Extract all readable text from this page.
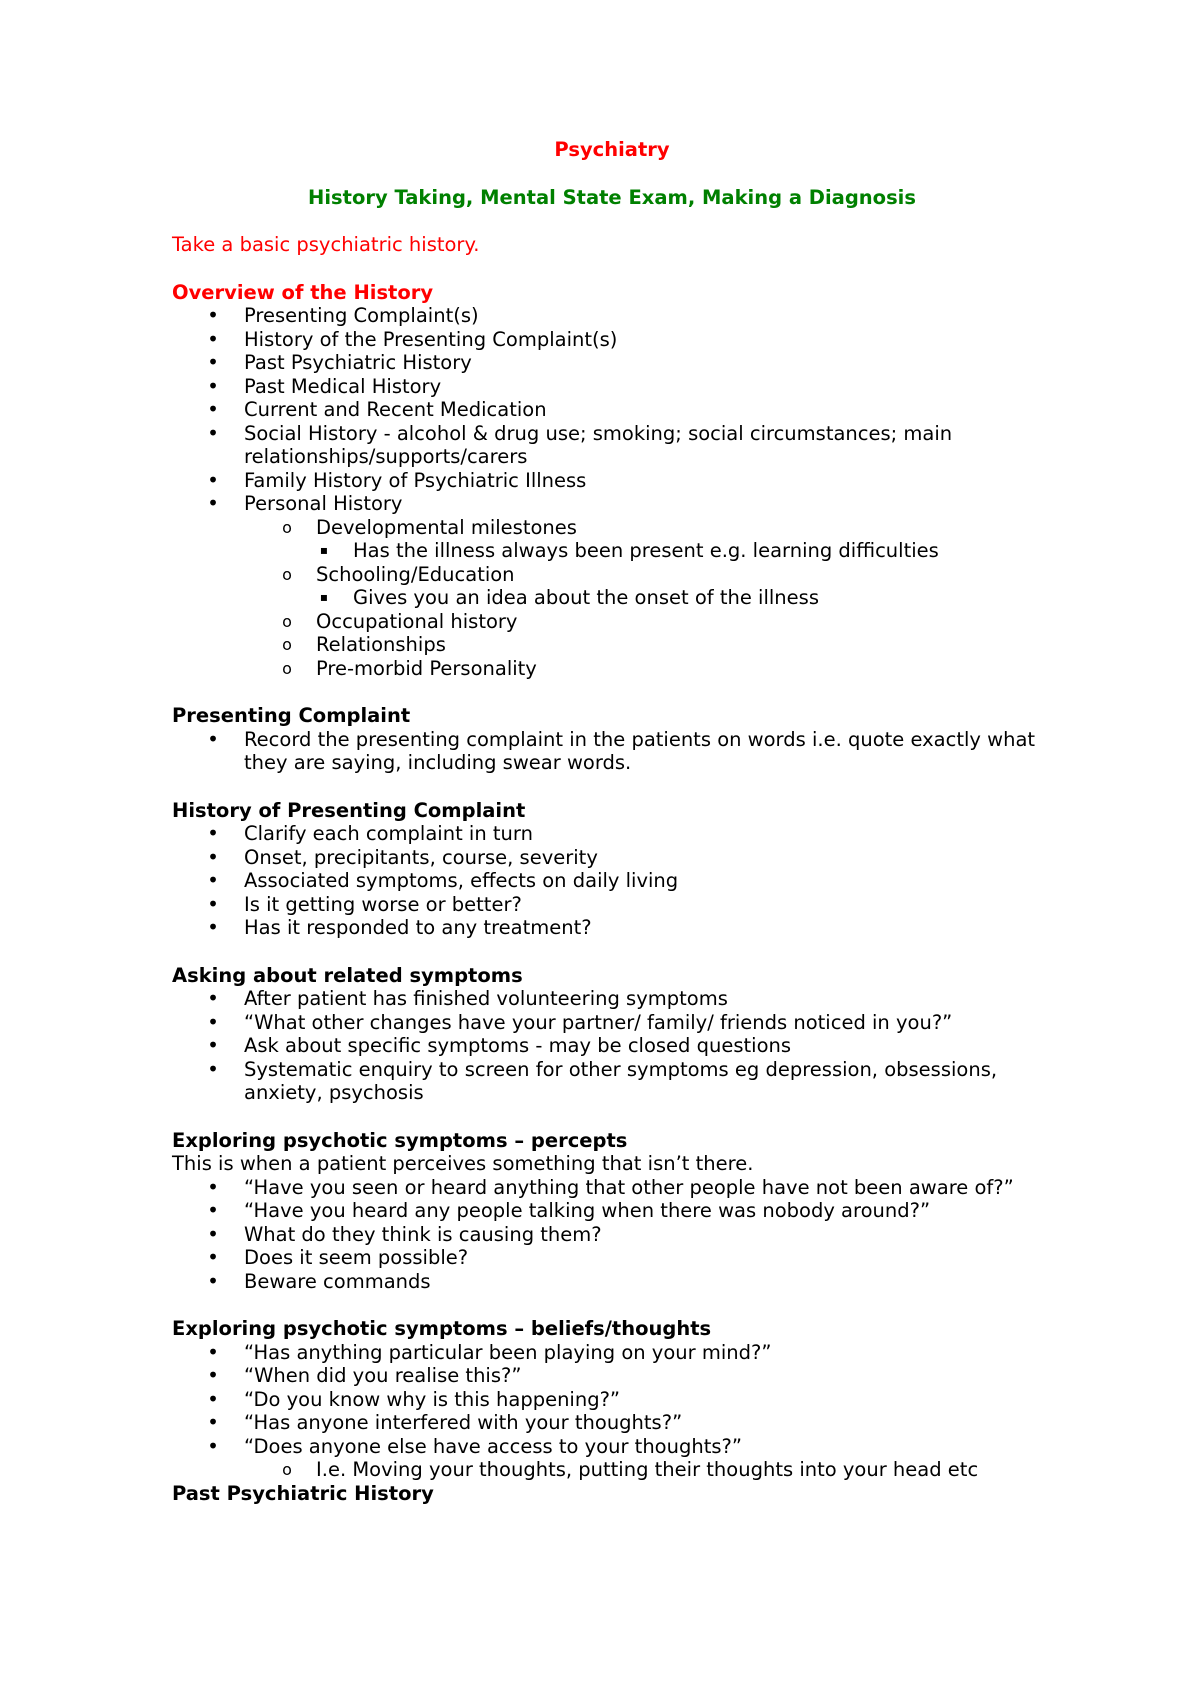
Psychiatry

History Taking, Mental State Exam, Making a Diagnosis

Take a basic psychiatric history.

Overview of the History

• Presenting Complaint(s)
• History of the Presenting Complaint(s)
• Past Psychiatric History
• Past Medical History
• Current and Recent Medication
• Social History - alcohol & drug use; smoking; social circumstances; main relationships/supports/carers
• Family History of Psychiatric Illness
• Personal History
o Developmental milestones
▪ Has the illness always been present e.g. learning difficulties
o Schooling/Education
▪ Gives you an idea about the onset of the illness
o Occupational history
o Relationships
o Pre-morbid Personality

Presenting Complaint

• Record the presenting complaint in the patients on words i.e. quote exactly what they are saying, including swear words.

History of Presenting Complaint

• Clarify each complaint in turn
• Onset, precipitants, course, severity
• Associated symptoms, effects on daily living
• Is it getting worse or better?
• Has it responded to any treatment?

Asking about related symptoms

• After patient has finished volunteering symptoms
• “What other changes have your partner/ family/ friends noticed in you?”
• Ask about specific symptoms - may be closed questions
• Systematic enquiry to screen for other symptoms eg depression, obsessions, anxiety, psychosis

Exploring psychotic symptoms – percepts

This is when a patient perceives something that isn’t there.

• “Have you seen or heard anything that other people have not been aware of?”
• “Have you heard any people talking when there was nobody around?”
• What do they think is causing them?
• Does it seem possible?
• Beware commands

Exploring psychotic symptoms – beliefs/thoughts

• “Has anything particular been playing on your mind?”
• “When did you realise this?”
• “Do you know why is this happening?”
• “Has anyone interfered with your thoughts?”
• “Does anyone else have access to your thoughts?”
o I.e. Moving your thoughts, putting their thoughts into your head etc

Past Psychiatric History
